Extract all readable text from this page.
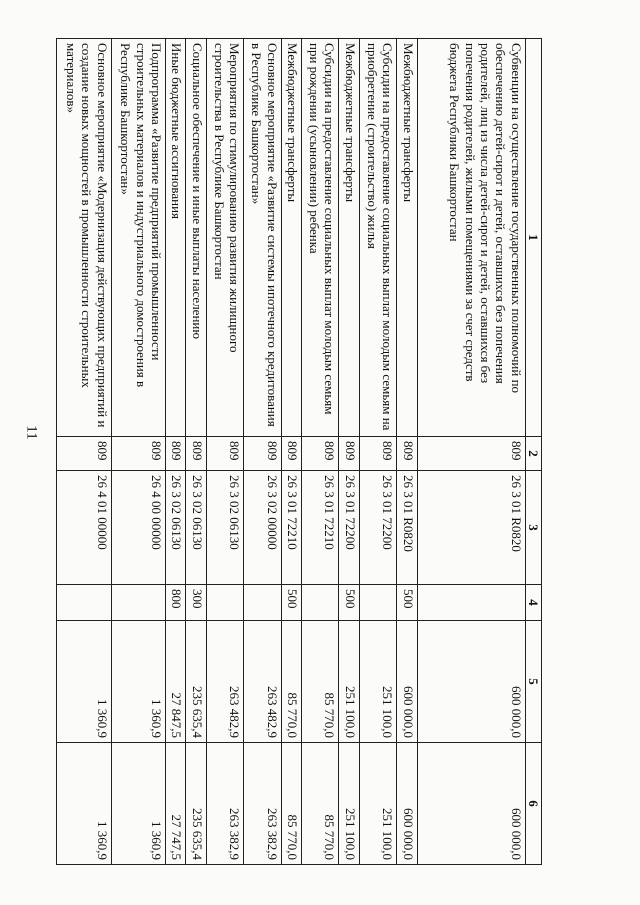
11
1	2	3	4	5	6
Субвенции на осуществление государственных полномочий по обеспечению детей-сирот и детей, оставшихся без попечения родителей, лиц из числа детей-сирот и детей, оставшихся без попечения родителей, жилыми помещениями за счет средств бюджета Республики Башкортостан	809	26 3 01 R0820		600 000,0	600 000,0
Межбюджетные трансферты	809	26 3 01 R0820	500	600 000,0	600 000,0
Субсидии на предоставление социальных выплат молодым семьям на приобретение (строительство) жилья	809	26 3 01 72200		251 100,0	251 100,0
Межбюджетные трансферты	809	26 3 01 72200	500	251 100,0	251 100,0
Субсидии на предоставление социальных выплат молодым семьям при рождении (усыновлении) ребенка	809	26 3 01 72210		85 770,0	85 770,0
Межбюджетные трансферты	809	26 3 01 72210	500	85 770,0	85 770,0
Основное мероприятие «Развитие системы ипотечного кредитования в Республике Башкортостан»	809	26 3 02 00000		263 482,9	263 382,9
Мероприятия по стимулированию развития жилищного строительства в Республике Башкортостан	809	26 3 02 06130		263 482,9	263 382,9
Социальное обеспечение и иные выплаты населению	809	26 3 02 06130	300	235 635,4	235 635,4
Иные бюджетные ассигнования	809	26 3 02 06130	800	27 847,5	27 747,5
Подпрограмма «Развитие предприятий промышленности строительных материалов и индустриального домостроения в Республике Башкортостан»	809	26 4 00 00000		1 360,9	1 360,9
Основное мероприятие «Модернизация действующих предприятий и создание новых мощностей в промышленности строительных материалов»	809	26 4 01 00000		1 360,9	1 360,9
